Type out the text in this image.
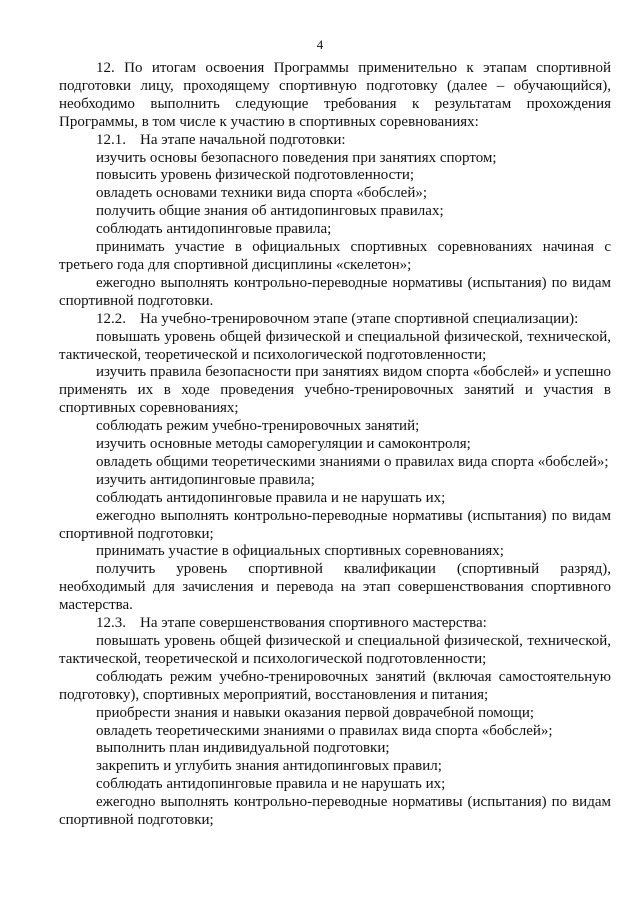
4

12. По итогам освоения Программы применительно к этапам спортивной подготовки лицу, проходящему спортивную подготовку (далее – обучающийся), необходимо выполнить следующие требования к результатам прохождения Программы, в том числе к участию в спортивных соревнованиях:

12.1. На этапе начальной подготовки:

изучить основы безопасного поведения при занятиях спортом;

повысить уровень физической подготовленности;

овладеть основами техники вида спорта «бобслей»;

получить общие знания об антидопинговых правилах;

соблюдать антидопинговые правила;

принимать участие в официальных спортивных соревнованиях начиная с третьего года для спортивной дисциплины «скелетон»;

ежегодно выполнять контрольно-переводные нормативы (испытания) по видам спортивной подготовки.

12.2. На учебно-тренировочном этапе (этапе спортивной специализации):

повышать уровень общей физической и специальной физической, технической, тактической, теоретической и психологической подготовленности;

изучить правила безопасности при занятиях видом спорта «бобслей» и успешно применять их в ходе проведения учебно-тренировочных занятий и участия в спортивных соревнованиях;

соблюдать режим учебно-тренировочных занятий;

изучить основные методы саморегуляции и самоконтроля;

овладеть общими теоретическими знаниями о правилах вида спорта «бобслей»;

изучить антидопинговые правила;

соблюдать антидопинговые правила и не нарушать их;

ежегодно выполнять контрольно-переводные нормативы (испытания) по видам спортивной подготовки;

принимать участие в официальных спортивных соревнованиях;

получить уровень спортивной квалификации (спортивный разряд), необходимый для зачисления и перевода на этап совершенствования спортивного мастерства.

12.3. На этапе совершенствования спортивного мастерства:

повышать уровень общей физической и специальной физической, технической, тактической, теоретической и психологической подготовленности;

соблюдать режим учебно-тренировочных занятий (включая самостоятельную подготовку), спортивных мероприятий, восстановления и питания;

приобрести знания и навыки оказания первой доврачебной помощи;

овладеть теоретическими знаниями о правилах вида спорта «бобслей»;

выполнить план индивидуальной подготовки;

закрепить и углубить знания антидопинговых правил;

соблюдать антидопинговые правила и не нарушать их;

ежегодно выполнять контрольно-переводные нормативы (испытания) по видам спортивной подготовки;
